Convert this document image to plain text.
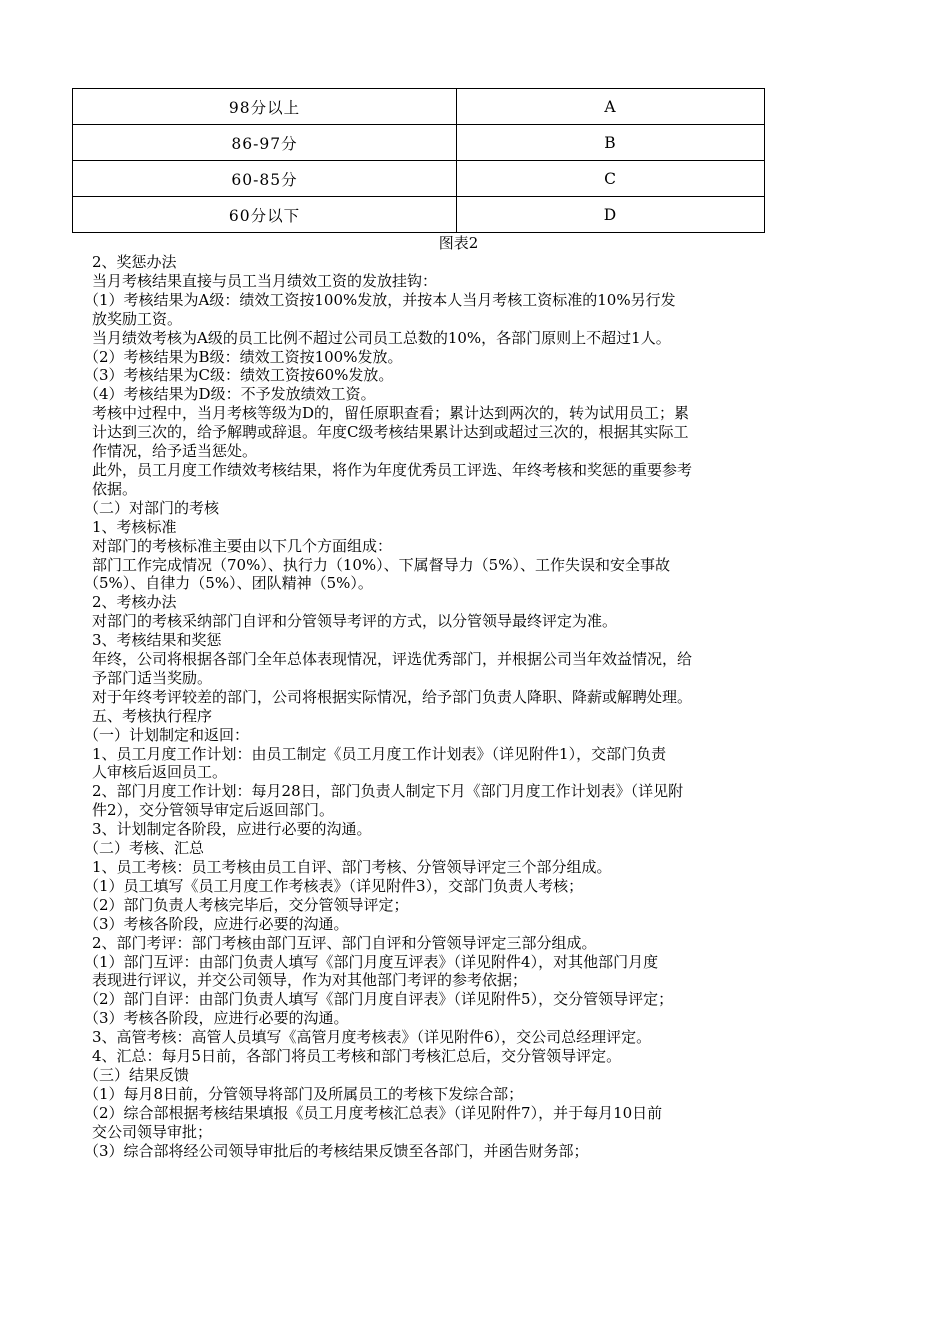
98分以上	A
86-97分	B
60-85分	C
60分以下	D
图表2

2、奖惩办法

当月考核结果直接与员工当月绩效工资的发放挂钩：

（1）考核结果为A级：绩效工资按100%发放，并按本人当月考核工资标准的10%另行发

放奖励工资。

当月绩效考核为A级的员工比例不超过公司员工总数的10%，各部门原则上不超过1人。

（2）考核结果为B级：绩效工资按100%发放。

（3）考核结果为C级：绩效工资按60%发放。

（4）考核结果为D级：不予发放绩效工资。

考核中过程中，当月考核等级为D的，留任原职查看；累计达到两次的，转为试用员工；累

计达到三次的，给予解聘或辞退。年度C级考核结果累计达到或超过三次的，根据其实际工

作情况，给予适当惩处。

此外，员工月度工作绩效考核结果，将作为年度优秀员工评选、年终考核和奖惩的重要参考

依据。

（二）对部门的考核

1、考核标准

对部门的考核标准主要由以下几个方面组成：

部门工作完成情况（70%）、执行力（10%）、下属督导力（5%）、工作失误和安全事故

（5%）、自律力（5%）、团队精神（5%）。

2、考核办法

对部门的考核采纳部门自评和分管领导考评的方式，以分管领导最终评定为准。

3、考核结果和奖惩

年终，公司将根据各部门全年总体表现情况，评选优秀部门，并根据公司当年效益情况，给

予部门适当奖励。

对于年终考评较差的部门，公司将根据实际情况，给予部门负责人降职、降薪或解聘处理。

五、考核执行程序

（一）计划制定和返回：

1、员工月度工作计划：由员工制定《员工月度工作计划表》（详见附件1），交部门负责

人审核后返回员工。

2、部门月度工作计划：每月28日，部门负责人制定下月《部门月度工作计划表》（详见附

件2），交分管领导审定后返回部门。

3、计划制定各阶段，应进行必要的沟通。

（二）考核、汇总

1、员工考核：员工考核由员工自评、部门考核、分管领导评定三个部分组成。

（1）员工填写《员工月度工作考核表》（详见附件3），交部门负责人考核；

（2）部门负责人考核完毕后，交分管领导评定；

（3）考核各阶段，应进行必要的沟通。

2、部门考评：部门考核由部门互评、部门自评和分管领导评定三部分组成。

（1）部门互评：由部门负责人填写《部门月度互评表》（详见附件4），对其他部门月度

表现进行评议，并交公司领导，作为对其他部门考评的参考依据；

（2）部门自评：由部门负责人填写《部门月度自评表》（详见附件5），交分管领导评定；

（3）考核各阶段，应进行必要的沟通。

3、高管考核：高管人员填写《高管月度考核表》（详见附件6），交公司总经理评定。

4、汇总：每月5日前，各部门将员工考核和部门考核汇总后，交分管领导评定。

（三）结果反馈

（1）每月8日前，分管领导将部门及所属员工的考核下发综合部；

（2）综合部根据考核结果填报《员工月度考核汇总表》（详见附件7），并于每月10日前

交公司领导审批；

（3）综合部将经公司领导审批后的考核结果反馈至各部门，并函告财务部；
